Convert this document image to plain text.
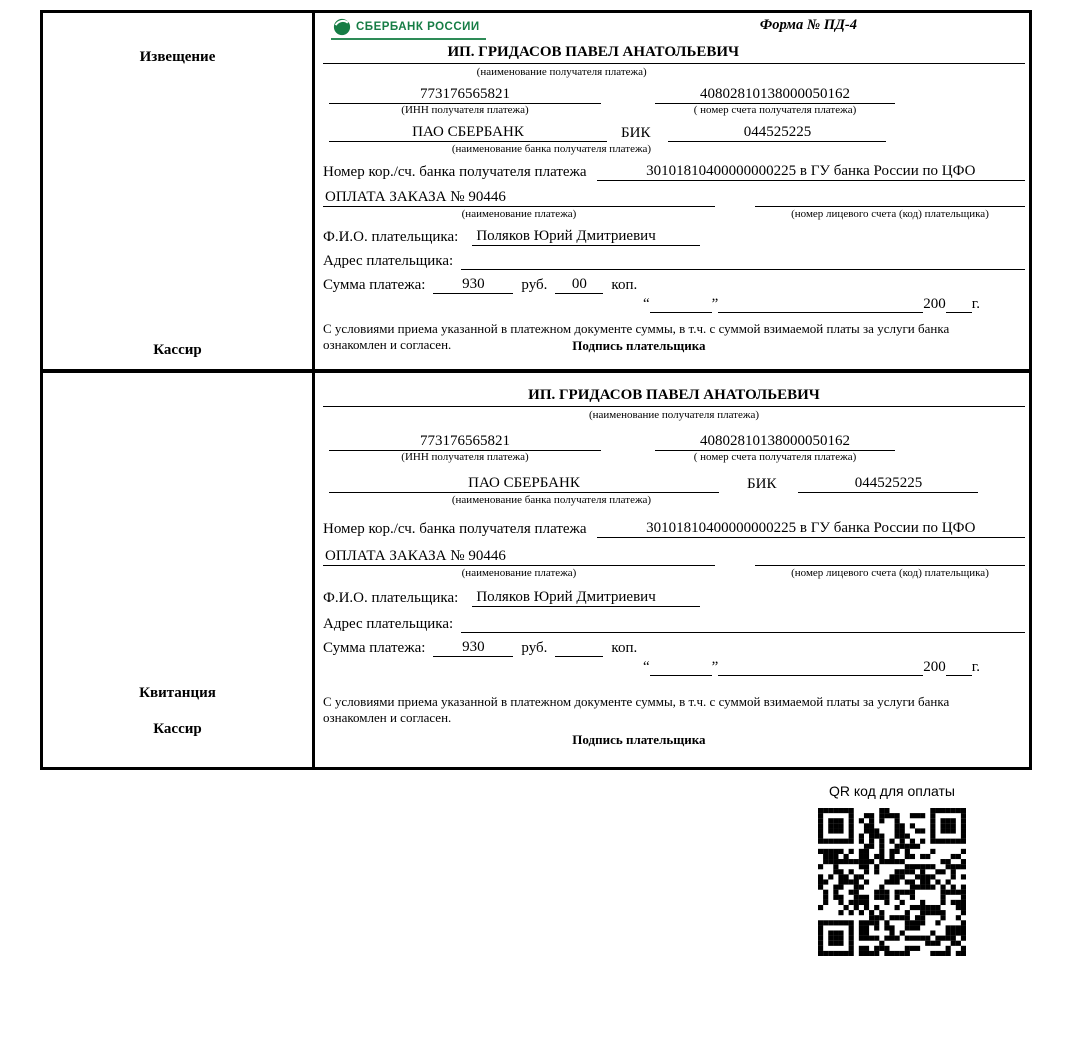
Извещение
Кассир
СБЕРБАНК РОССИИ	Форма № ПД-4
ИП. ГРИДАСОВ ПАВЕЛ АНАТОЛЬЕВИЧ
(наименование получателя платежа)
773176565821	40802810138000050162
(ИНН получателя платежа)	( номер счета получателя платежа)
ПАО СБЕРБАНК	БИК	044525225
(наименование банка получателя платежа)
Номер кор./сч. банка получателя платежа	30101810400000000225 в ГУ банка России по ЦФО
ОПЛАТА ЗАКАЗА № 90446
(наименование платежа)	(номер лицевого счета (код) плательщика)
Ф.И.О. плательщика: Поляков Юрий Дмитриевич
Адрес плательщика:
Сумма платежа:	930	руб.	00	коп.
“	”	200 г.
С условиями приема указанной в платежном документе суммы, в т.ч. с суммой взимаемой платы за услуги банка ознакомлен и согласен.	Подпись плательщика
Квитанция
Кассир
ИП. ГРИДАСОВ ПАВЕЛ АНАТОЛЬЕВИЧ
(наименование получателя платежа)
773176565821	40802810138000050162
(ИНН получателя платежа)	( номер счета получателя платежа)
ПАО СБЕРБАНК	БИК	044525225
(наименование банка получателя платежа)
Номер кор./сч. банка получателя платежа	30101810400000000225 в ГУ банка России по ЦФО
ОПЛАТА ЗАКАЗА № 90446
(наименование платежа)	(номер лицевого счета (код) плательщика)
Ф.И.О. плательщика: Поляков Юрий Дмитриевич
Адрес плательщика:
Сумма платежа:	930	руб.	коп.
“	”	200 г.
С условиями приема указанной в платежном документе суммы, в т.ч. с суммой взимаемой платы за услуги банка ознакомлен и согласен.
Подпись плательщика
QR код для оплаты
